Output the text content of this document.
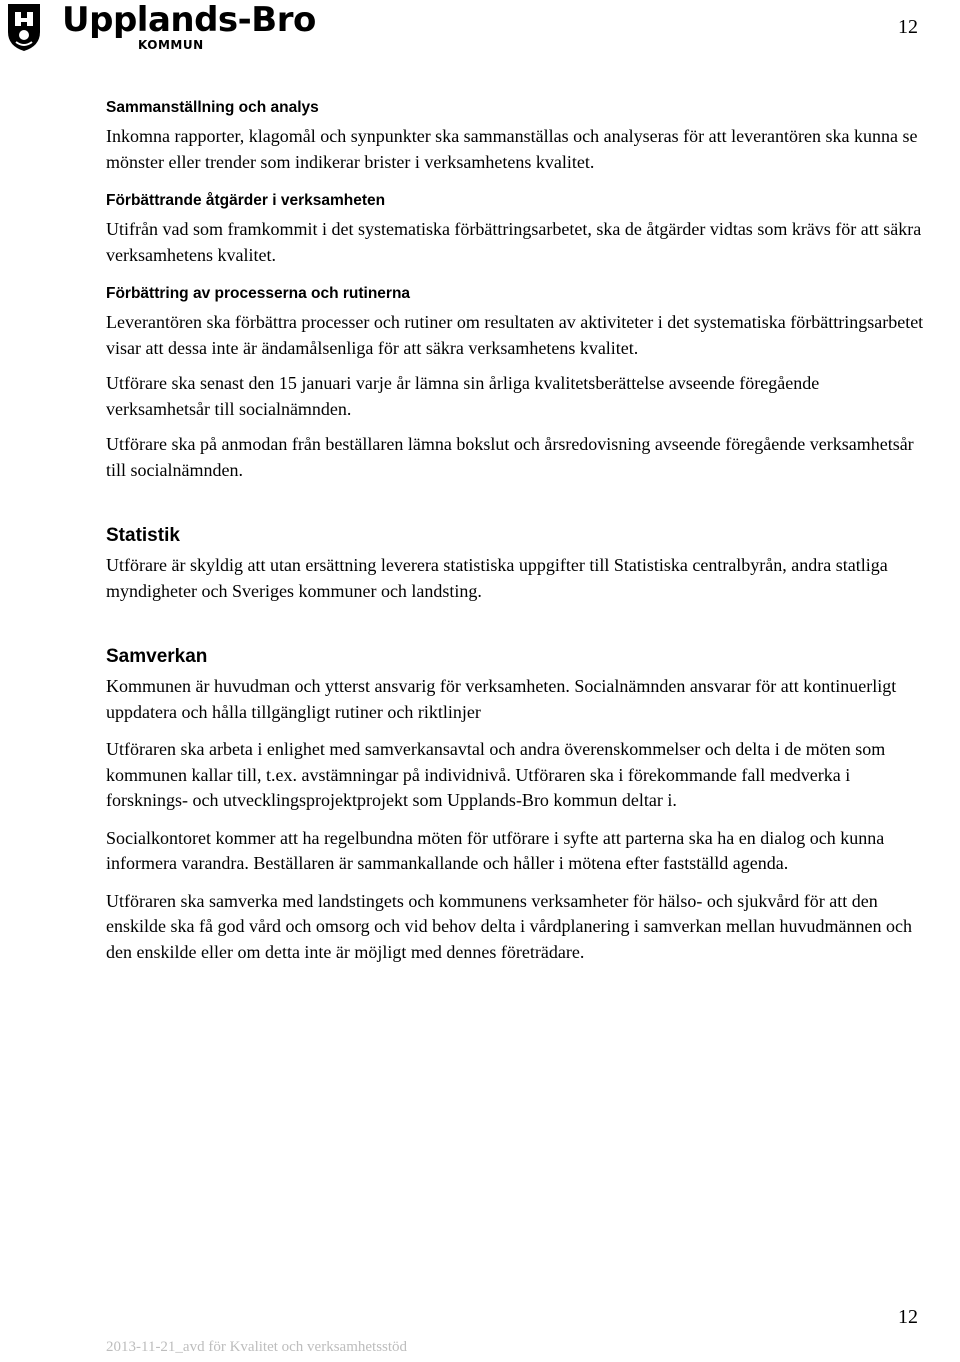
Upplands-Bro
KOMMUN
12

Sammanställning och analys

Inkomna rapporter, klagomål och synpunkter ska sammanställas och analyseras för att leverantören ska kunna se mönster eller trender som indikerar brister i verksamhetens kvalitet.

Förbättrande åtgärder i verksamheten

Utifrån vad som framkommit i det systematiska förbättringsarbetet, ska de åtgärder vidtas som krävs för att säkra verksamhetens kvalitet.

Förbättring av processerna och rutinerna

Leverantören ska förbättra processer och rutiner om resultaten av aktiviteter i det systematiska förbättringsarbetet visar att dessa inte är ändamålsenliga för att säkra verksamhetens kvalitet.

Utförare ska senast den 15 januari varje år lämna sin årliga kvalitetsberättelse avseende föregående verksamhetsår till socialnämnden.

Utförare ska på anmodan från beställaren lämna bokslut och årsredovisning avseende föregående verksamhetsår till socialnämnden.

Statistik

Utförare är skyldig att utan ersättning leverera statistiska uppgifter till Statistiska centralbyrån, andra statliga myndigheter och Sveriges kommuner och landsting.

Samverkan

Kommunen är huvudman och ytterst ansvarig för verksamheten. Socialnämnden ansvarar för att kontinuerligt uppdatera och hålla tillgängligt rutiner och riktlinjer

Utföraren ska arbeta i enlighet med samverkansavtal och andra överenskommelser och delta i de möten som kommunen kallar till, t.ex. avstämningar på individnivå. Utföraren ska i förekommande fall medverka i forsknings- och utvecklingsprojektprojekt som Upplands-Bro kommun deltar i.

Socialkontoret kommer att ha regelbundna möten för utförare i syfte att parterna ska ha en dialog och kunna informera varandra. Beställaren är sammankallande och håller i mötena efter fastställd agenda.

Utföraren ska samverka med landstingets och kommunens verksamheter för hälso- och sjukvård för att den enskilde ska få god vård och omsorg och vid behov delta i vårdplanering i samverkan mellan huvudmännen och den enskilde eller om detta inte är möjligt med dennes företrädare.

12
2013-11-21_avd för Kvalitet och verksamhetsstöd
